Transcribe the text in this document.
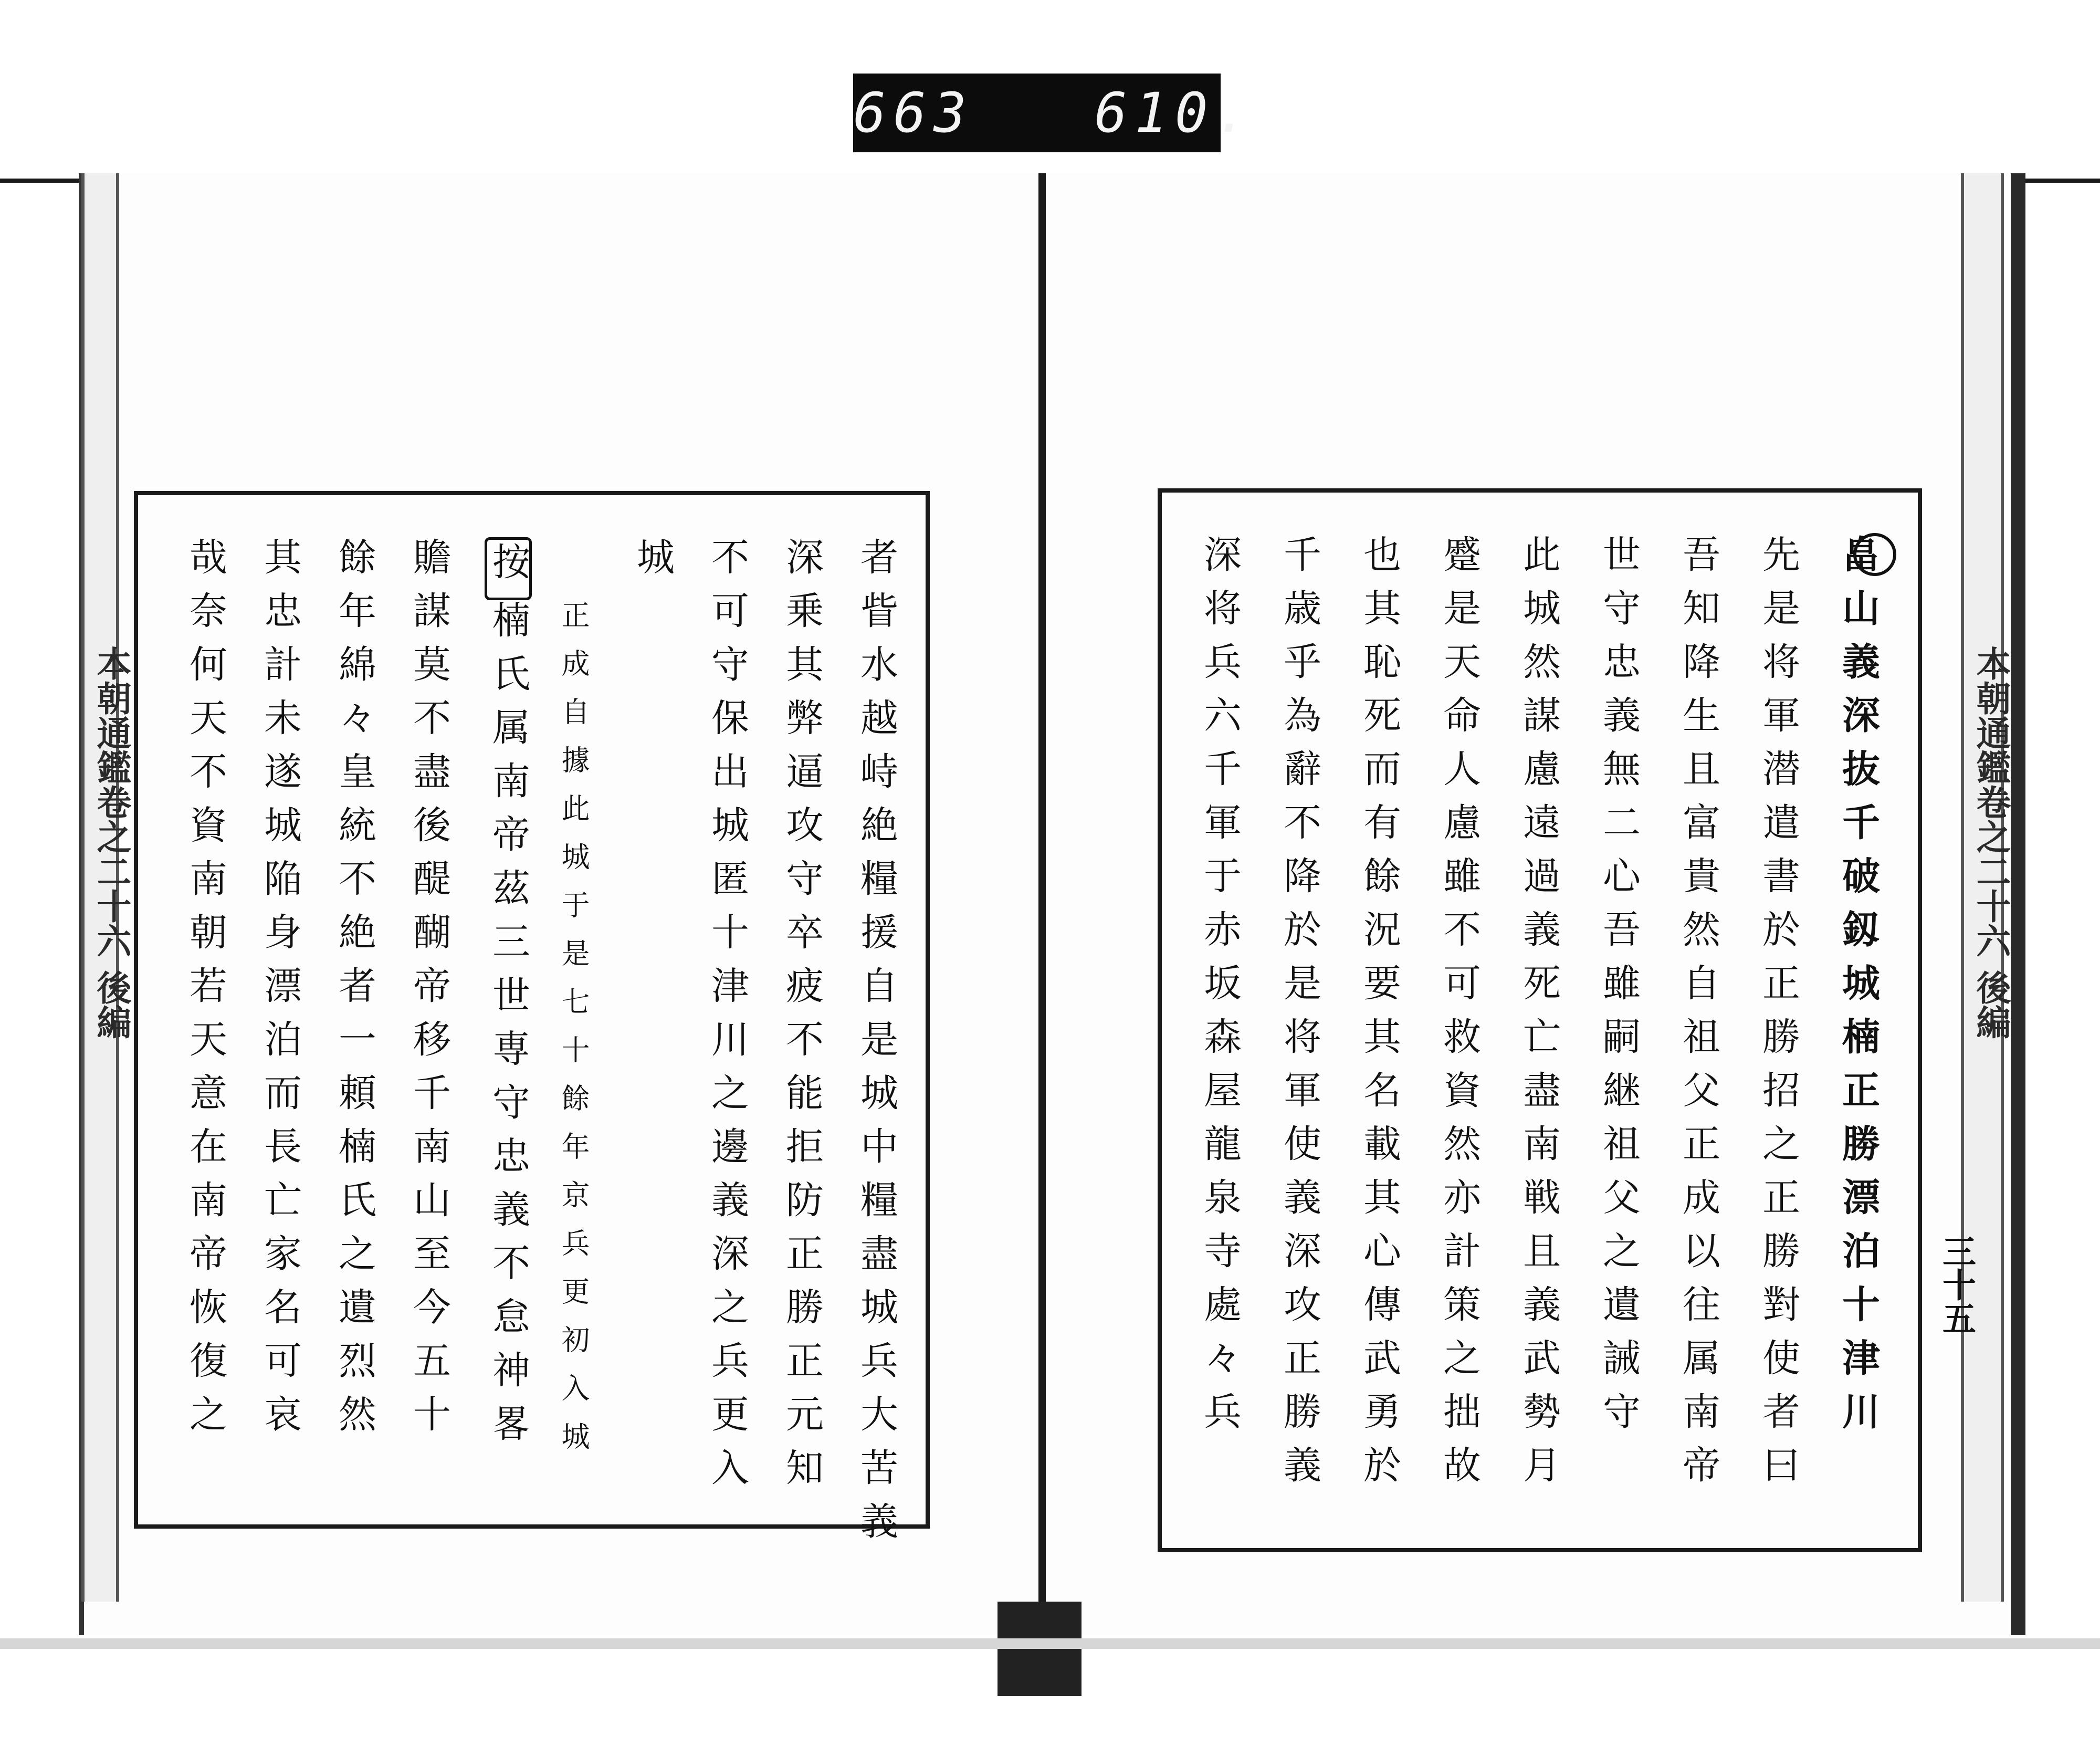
663   610.
本朝通鑑卷之二十六 後編	本朝通鑑卷之二十六 後編
三十五
者眥水越峙絶糧援自是城中糧盡城兵大苦義
深乗其弊逼攻守卒疲不能拒防正勝正元知
不可守保出城匿十津川之邊義深之兵更入
城
正成自據此城于是七十餘年京兵更初入城
按楠氏属南帝茲三世専守忠義不怠神畧
贍謀莫不盡後醍醐帝移千南山至今五十
餘年綿々皇統不絶者一頼楠氏之遺烈然
其忠計未遂城陥身漂泊而長亡家名可哀
哉奈何天不資南朝若天意在南帝恢復之	畠山義深抜千破釼城楠正勝漂泊十津川
先是将軍潜遣書於正勝招之正勝對使者曰
吾知降生且富貴然自祖父正成以往属南帝
世守忠義無二心吾雖嗣継祖父之遺誡守
此城然謀慮遠過義死亡盡南戦且義武勢月
蹙是天命人慮雖不可救資然亦計策之拙故
也其恥死而有餘況要其名載其心傳武勇於
千歳乎為辭不降於是将軍使義深攻正勝義
深将兵六千軍于赤坂森屋龍泉寺處々兵
